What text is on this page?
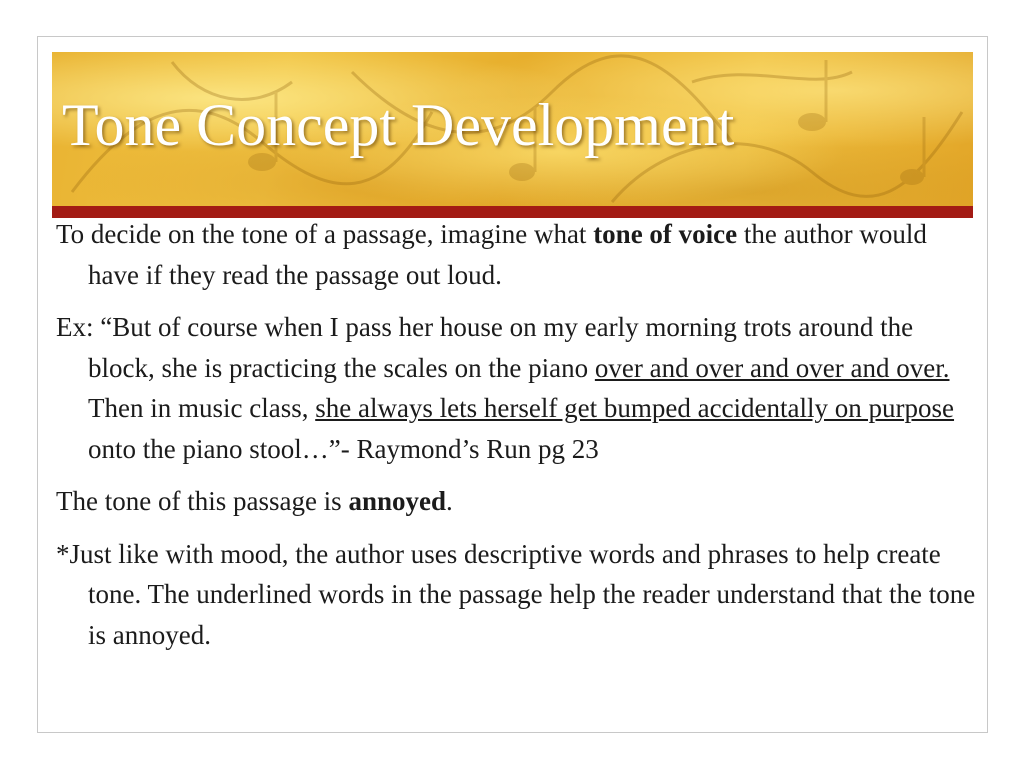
Tone Concept Development

To decide on the tone of a passage, imagine what tone of voice the author would have if they read the passage out loud.

Ex: “But of course when I pass her house on my early morning trots around the block, she is practicing the scales on the piano over and over and over and over. Then in music class, she always lets herself get bumped accidentally on purpose onto the piano stool…”- Raymond’s Run pg 23

The tone of this passage is annoyed.

*Just like with mood, the author uses descriptive words and phrases to help create tone. The underlined words in the passage help the reader understand that the tone is annoyed.
